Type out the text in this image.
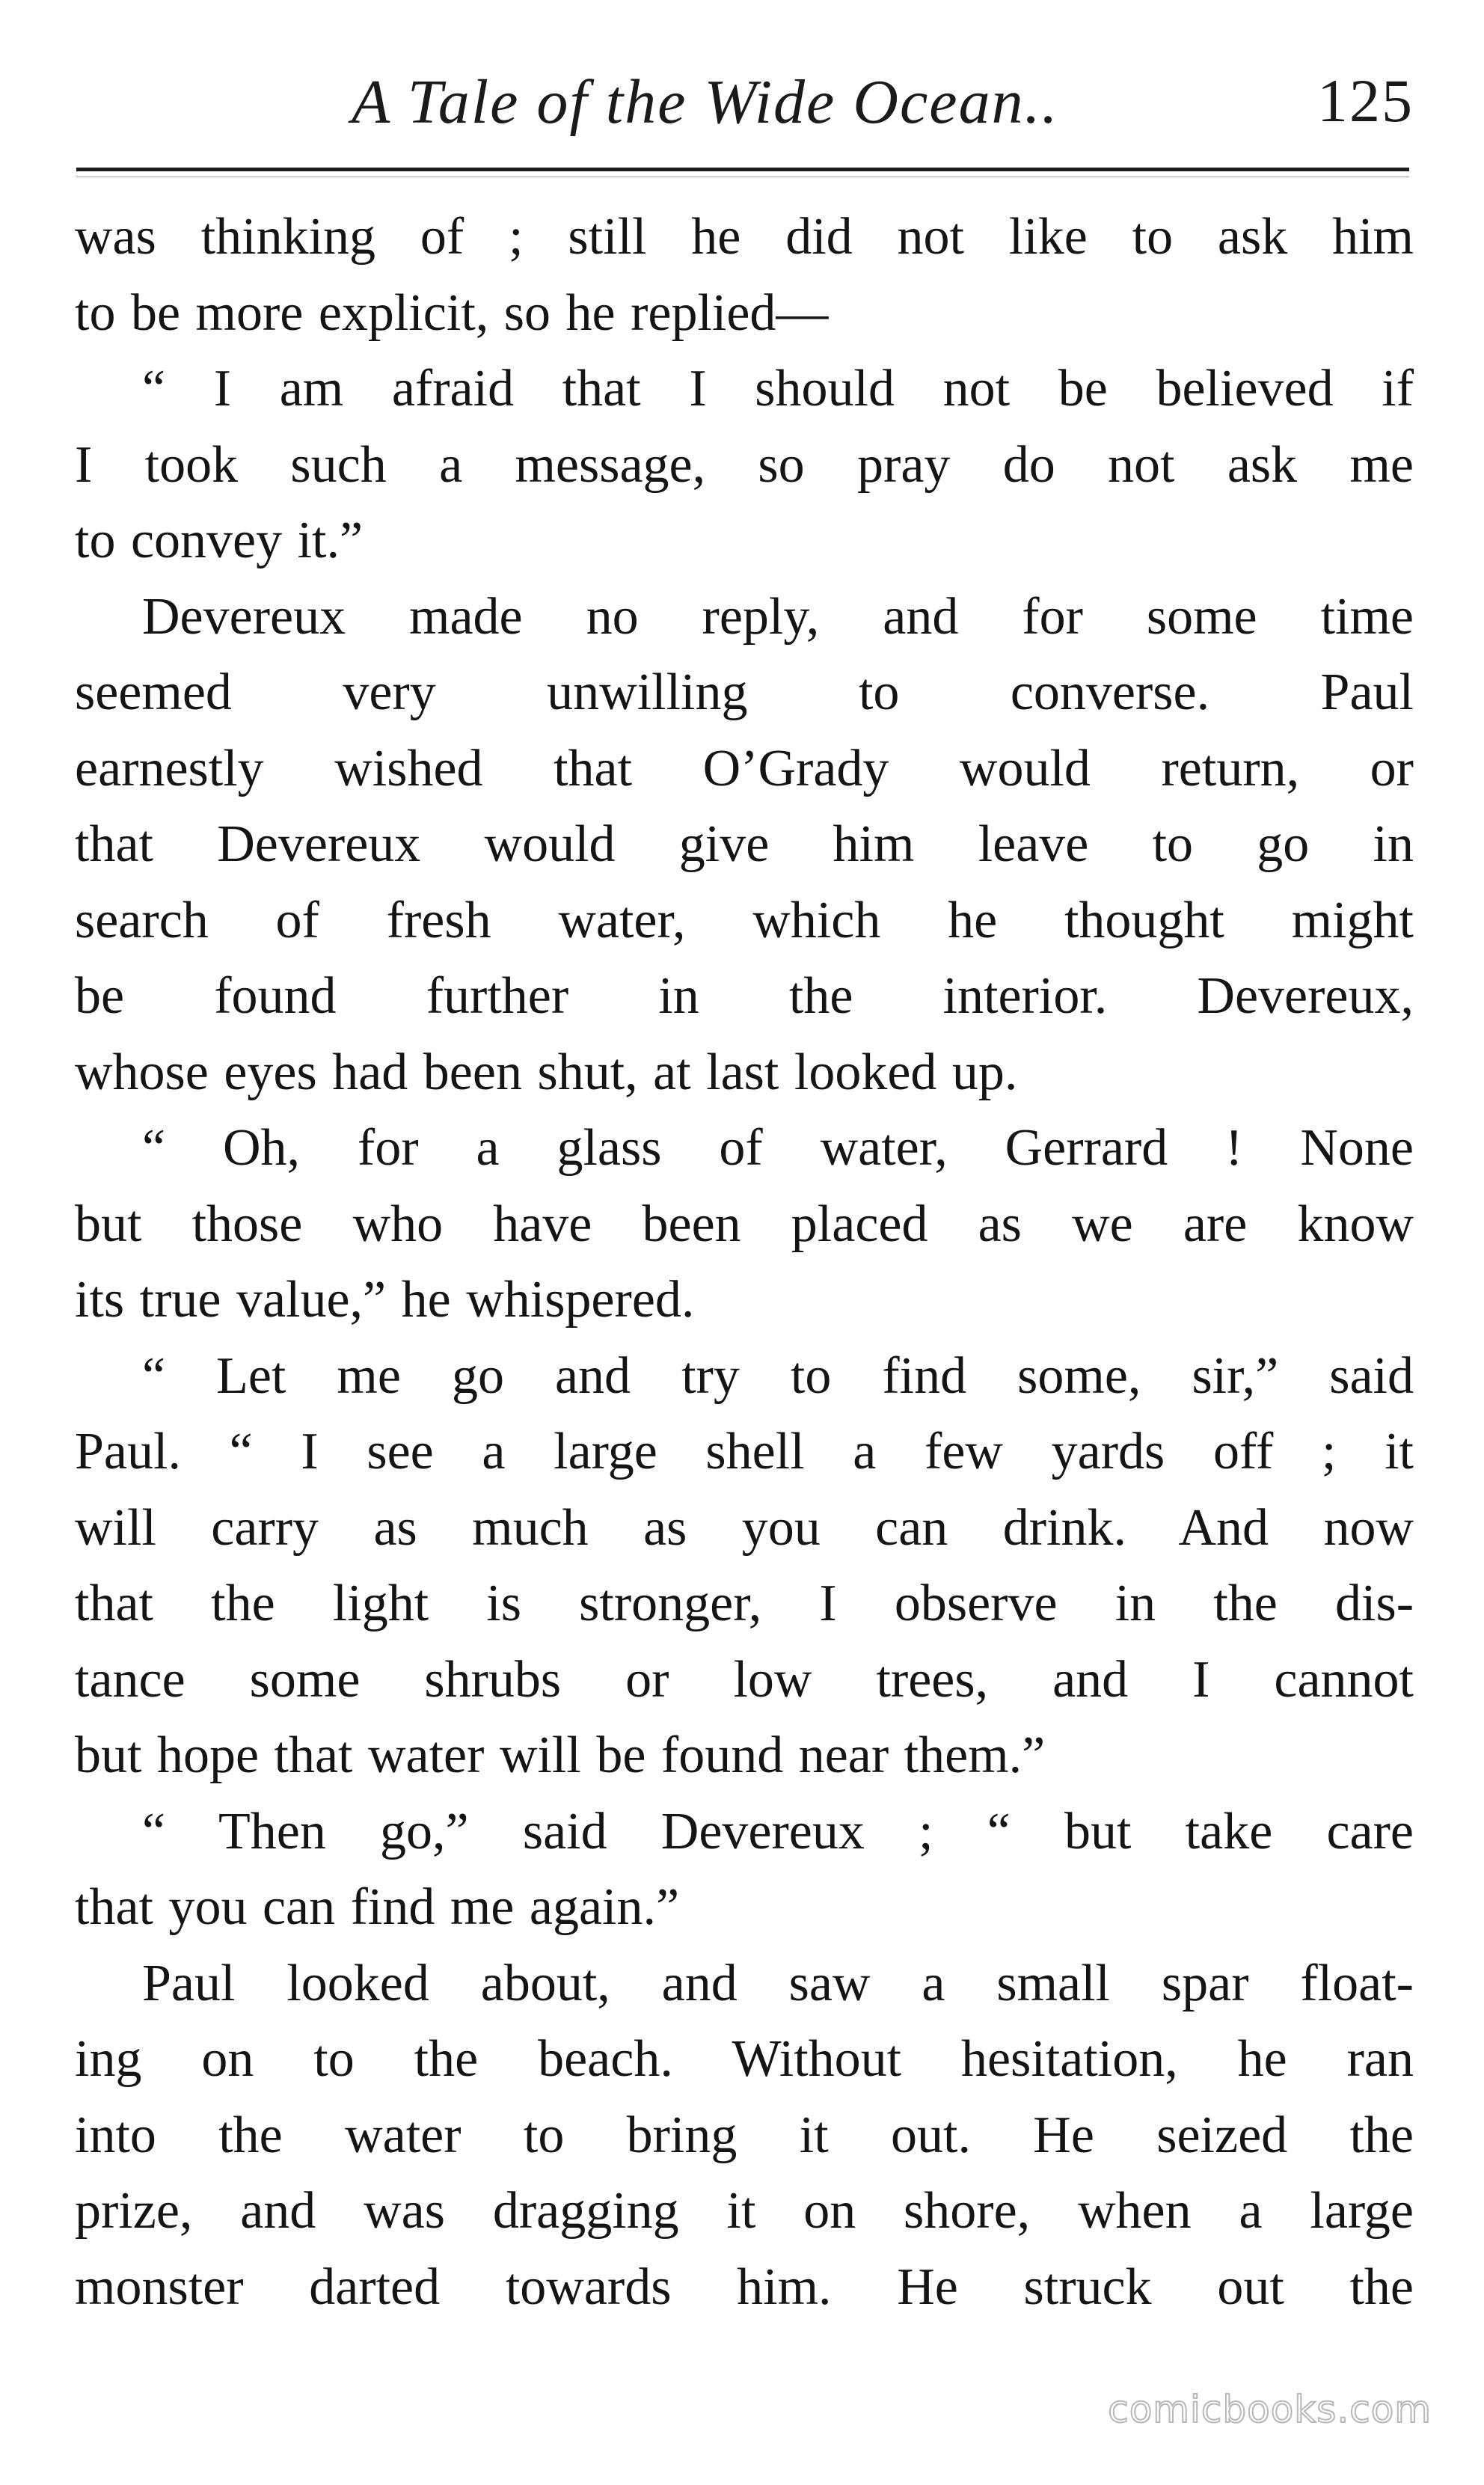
A Tale of the Wide Ocean..	125
was thinking of ; still he did not like to ask him
to be more explicit, so he replied—
“ I am afraid that I should not be believed if
I took such a message, so pray do not ask me
to convey it.”
Devereux made no reply, and for some time
seemed very unwilling to converse. Paul
earnestly wished that O’Grady would return, or
that Devereux would give him leave to go in
search of fresh water, which he thought might
be found further in the interior. Devereux,
whose eyes had been shut, at last looked up.
“ Oh, for a glass of water, Gerrard ! None
but those who have been placed as we are know
its true value,” he whispered.
“ Let me go and try to find some, sir,” said
Paul. “ I see a large shell a few yards off ; it
will carry as much as you can drink. And now
that the light is stronger, I observe in the dis-
tance some shrubs or low trees, and I cannot
but hope that water will be found near them.”
“ Then go,” said Devereux ; “ but take care
that you can find me again.”
Paul looked about, and saw a small spar float-
ing on to the beach. Without hesitation, he ran
into the water to bring it out. He seized the
prize, and was dragging it on shore, when a large
monster darted towards him. He struck out the
comicbooks.com
